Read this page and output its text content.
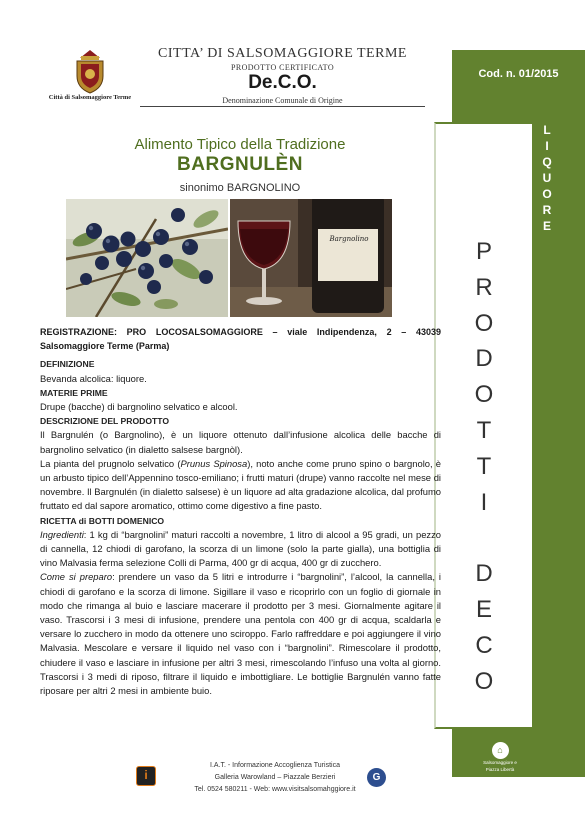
Città di Salsomaggiore Terme
CITTA’ DI SALSOMAGGIORE TERME
PRODOTTO CERTIFICATO
De.C.O.
Denominazione Comunale di Origine
Cod. n. 01/2015
L
I
Q
U
O
R
E
P
R
O
D
O
T
T
I
D
E
C
O
⌂
Salsomaggiore e
Piazza Libertà
Alimento Tipico della Tradizione
BARGNULÈN
sinonimo BARGNOLINO
Bargnolino

REGISTRAZIONE: PRO LOCOSALSOMAGGIORE – viale Indipendenza, 2 – 43039 Salsomaggiore Terme (Parma)

DEFINIZIONE

Bevanda alcolica: liquore.

MATERIE PRIME

Drupe (bacche) di bargnolino selvatico e alcool.

DESCRIZIONE DEL PRODOTTO

Il Bargnulén (o Bargnolino), è un liquore ottenuto dall’infusione alcolica delle bacche di bargnolino selvatico (in dialetto salsese bargnòl).

La pianta del prugnolo selvatico (Prunus Spinosa), noto anche come pruno spino o bargnolo, è un arbusto tipico dell’Appennino tosco-emiliano; i frutti maturi (drupe) vanno raccolte nel mese di novembre. Il Bargnulén (in dialetto salsese) è un liquore ad alta gradazione alcolica, dal profumo fruttato ed dal sapore aromatico, ottimo come digestivo a fine pasto.

RICETTA di BOTTI DOMENICO

Ingredienti: 1 kg di “bargnolini” maturi raccolti a novembre, 1 litro di alcool a 95 gradi, un pezzo di cannella, 12 chiodi di garofano, la scorza di un limone (solo la parte gialla), una bottiglia di vino Malvasia ferma selezione Colli di Parma, 400 gr di acqua, 400 gr di zucchero.

Come si preparo: prendere un vaso da 5 litri e introdurre i “bargnolini”, l’alcool, la cannella, i chiodi di garofano e la scorza di limone. Sigillare il vaso e ricoprirlo con un foglio di giornale in modo che rimanga al buio e lasciare macerare il prodotto per 3 mesi. Giornalmente agitare il vaso. Trascorsi i 3 mesi di infusione, prendere una pentola con 400 gr di acqua, scaldarla e versare lo zucchero in modo da ottenere uno sciroppo. Farlo raffreddare e poi aggiungere il vino Malvasia. Mescolare e versare il liquido nel vaso con i “bargnolini”. Rimescolare il prodotto, chiudere il vaso e lasciare in infusione per altri 3 mesi, rimescolando l’infuso una volta al giorno. Trascorsi i 3 medi di riposo, filtrare il liquido e imbottigliare. Le bottiglie Bargnulén vanno fatte riposare per altri 2 mesi in ambiente buio.

i
I.A.T. - Informazione Accoglienza Turistica
Galleria Warowland – Piazzale Berzieri
Tel. 0524 580211 - Web: www.visitsalsomahggiore.it
G
